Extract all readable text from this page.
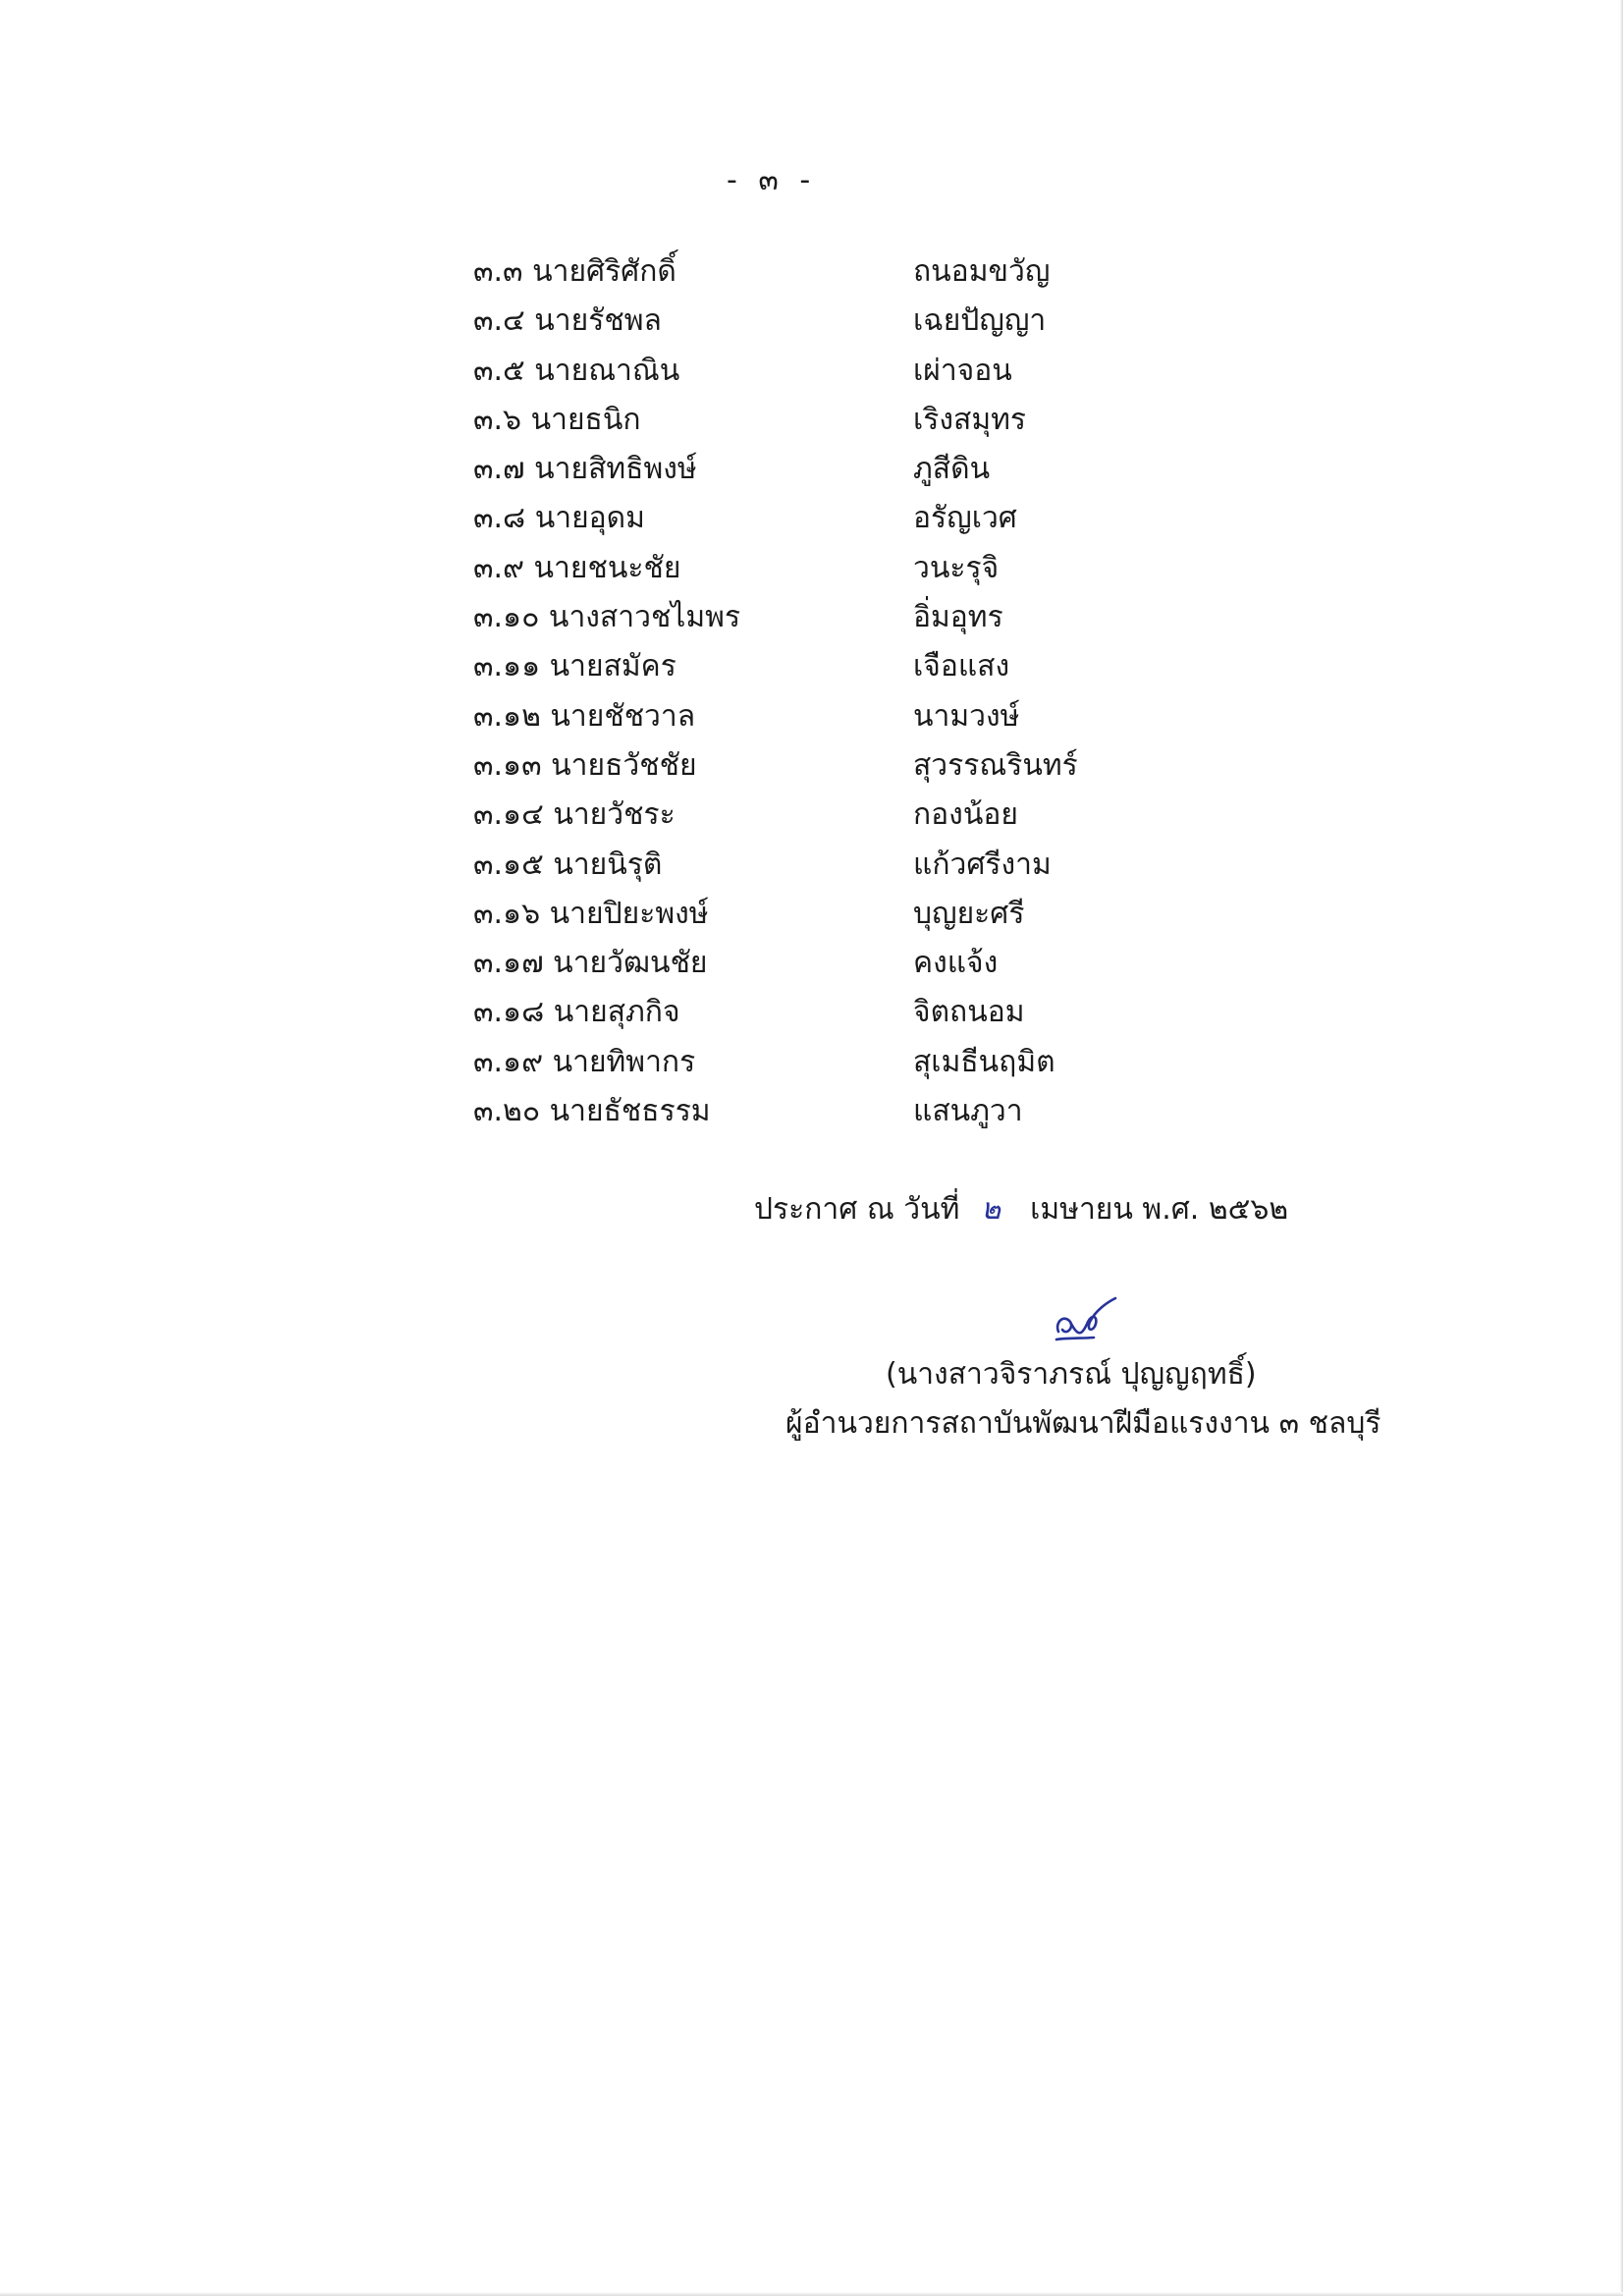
- ๓ -
๓.๓ นายศิริศักดิ์	ถนอมขวัญ
๓.๔ นายรัชพล	เฉยปัญญา
๓.๕ นายณาณิน	เผ่าจอน
๓.๖ นายธนิก	เริงสมุทร
๓.๗ นายสิทธิพงษ์	ภูสีดิน
๓.๘ นายอุดม	อรัญเวศ
๓.๙ นายชนะชัย	วนะรุจิ
๓.๑๐ นางสาวชไมพร	อิ่มอุทร
๓.๑๑ นายสมัคร	เจือแสง
๓.๑๒ นายชัชวาล	นามวงษ์
๓.๑๓ นายธวัชชัย	สุวรรณรินทร์
๓.๑๔ นายวัชระ	กองน้อย
๓.๑๕ นายนิรุติ	แก้วศรีงาม
๓.๑๖ นายปิยะพงษ์	บุญยะศรี
๓.๑๗ นายวัฒนชัย	คงแจ้ง
๓.๑๘ นายสุภกิจ	จิตถนอม
๓.๑๙ นายทิพากร	สุเมธีนฤมิต
๓.๒๐ นายธัชธรรม	แสนภูวา
ประกาศ ณ วันที่ ๒ เมษายน พ.ศ. ๒๕๖๒
(นางสาวจิราภรณ์ ปุญญฤทธิ์)
ผู้อำนวยการสถาบันพัฒนาฝีมือแรงงาน ๓ ชลบุรี
